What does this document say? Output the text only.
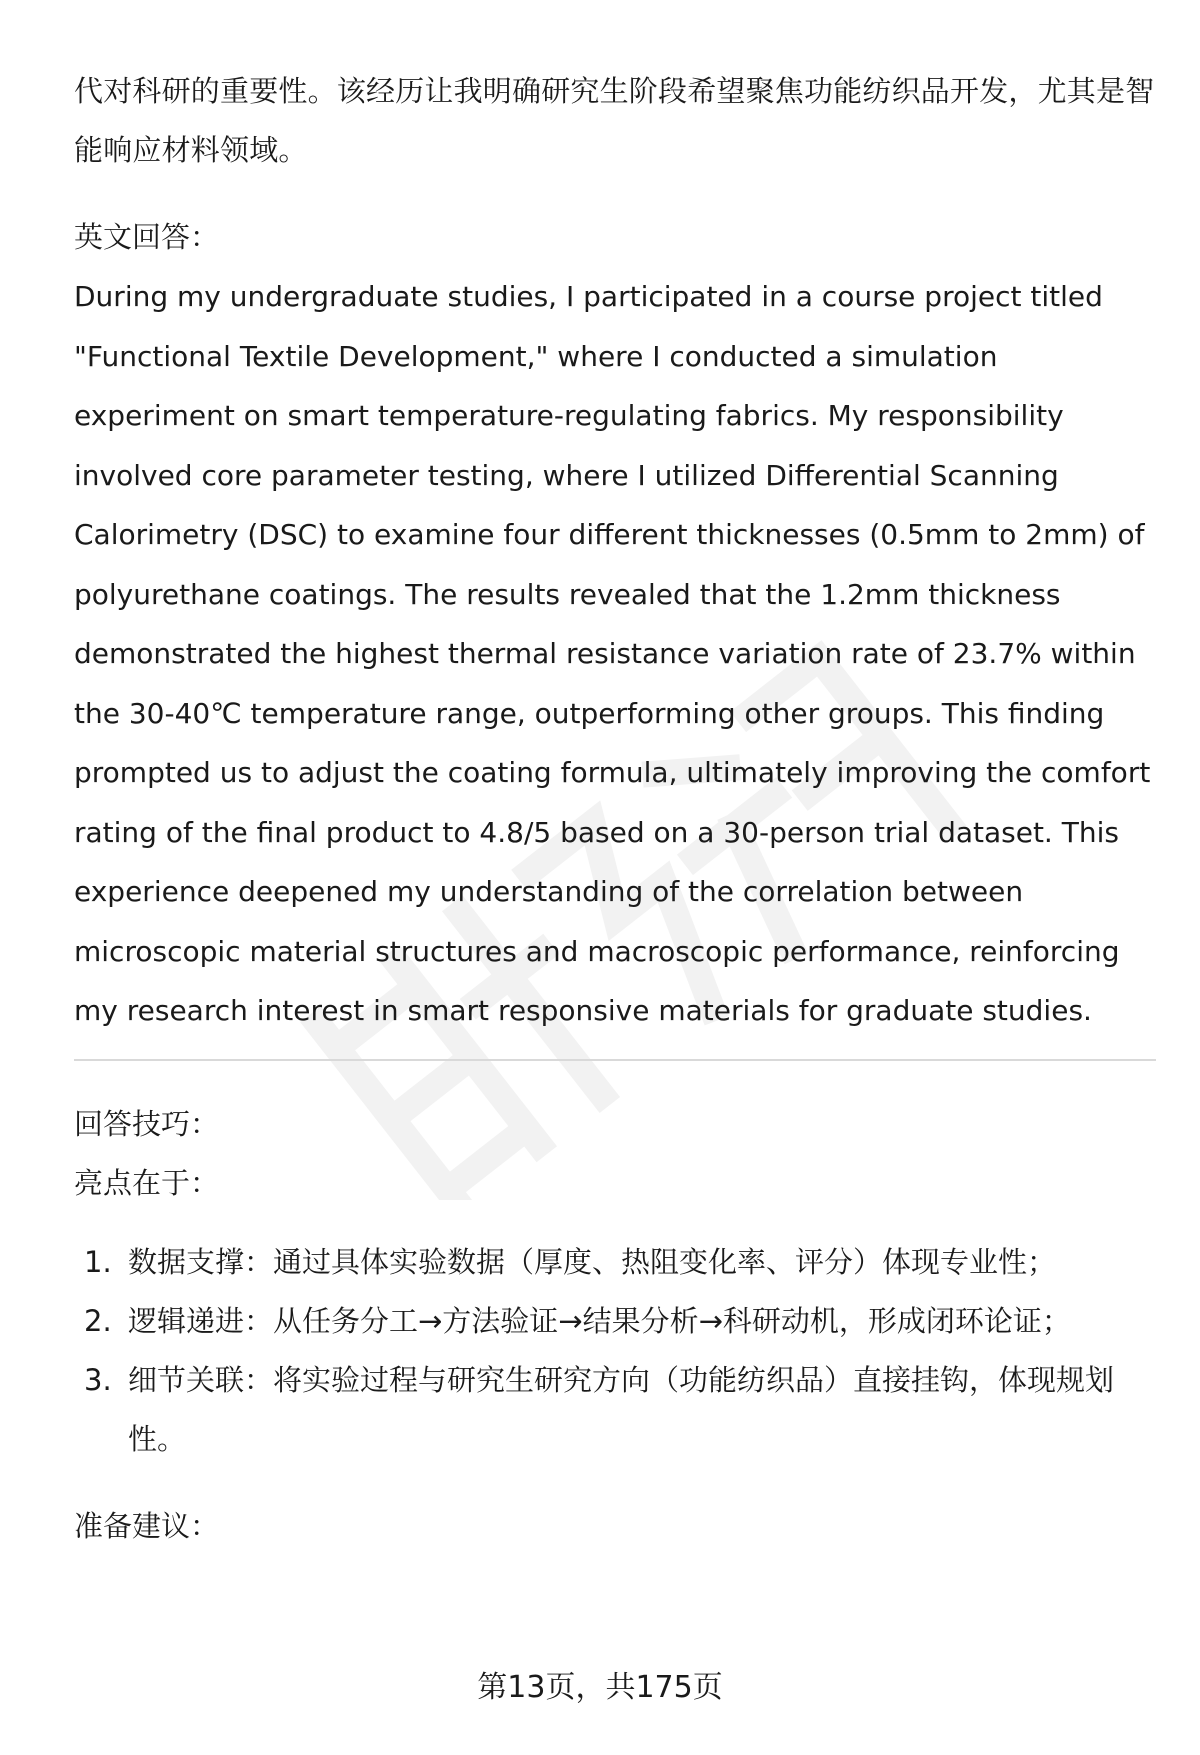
代对科研的重要性。该经历让我明确研究生阶段希望聚焦功能纺织品开发，尤其是智能响应材料领域。

英文回答：

During my undergraduate studies, I participated in a course project titled "Functional Textile Development," where I conducted a simulation experiment on smart temperature-regulating fabrics. My responsibility involved core parameter testing, where I utilized Differential Scanning Calorimetry (DSC) to examine four different thicknesses (0.5mm to 2mm) of polyurethane coatings. The results revealed that the 1.2mm thickness demonstrated the highest thermal resistance variation rate of 23.7% within the 30-40℃ temperature range, outperforming other groups. This finding prompted us to adjust the coating formula, ultimately improving the comfort rating of the final product to 4.8/5 based on a 30-person trial dataset. This experience deepened my understanding of the correlation between microscopic material structures and macroscopic performance, reinforcing my research interest in smart responsive materials for graduate studies.

回答技巧：

亮点在于：

1. 数据支撑：通过具体实验数据（厚度、热阻变化率、评分）体现专业性；
2. 逻辑递进：从任务分工→方法验证→结果分析→科研动机，形成闭环论证；
3. 细节关联：将实验过程与研究生研究方向（功能纺织品）直接挂钩，体现规划性。

准备建议：

第13页，共175页
